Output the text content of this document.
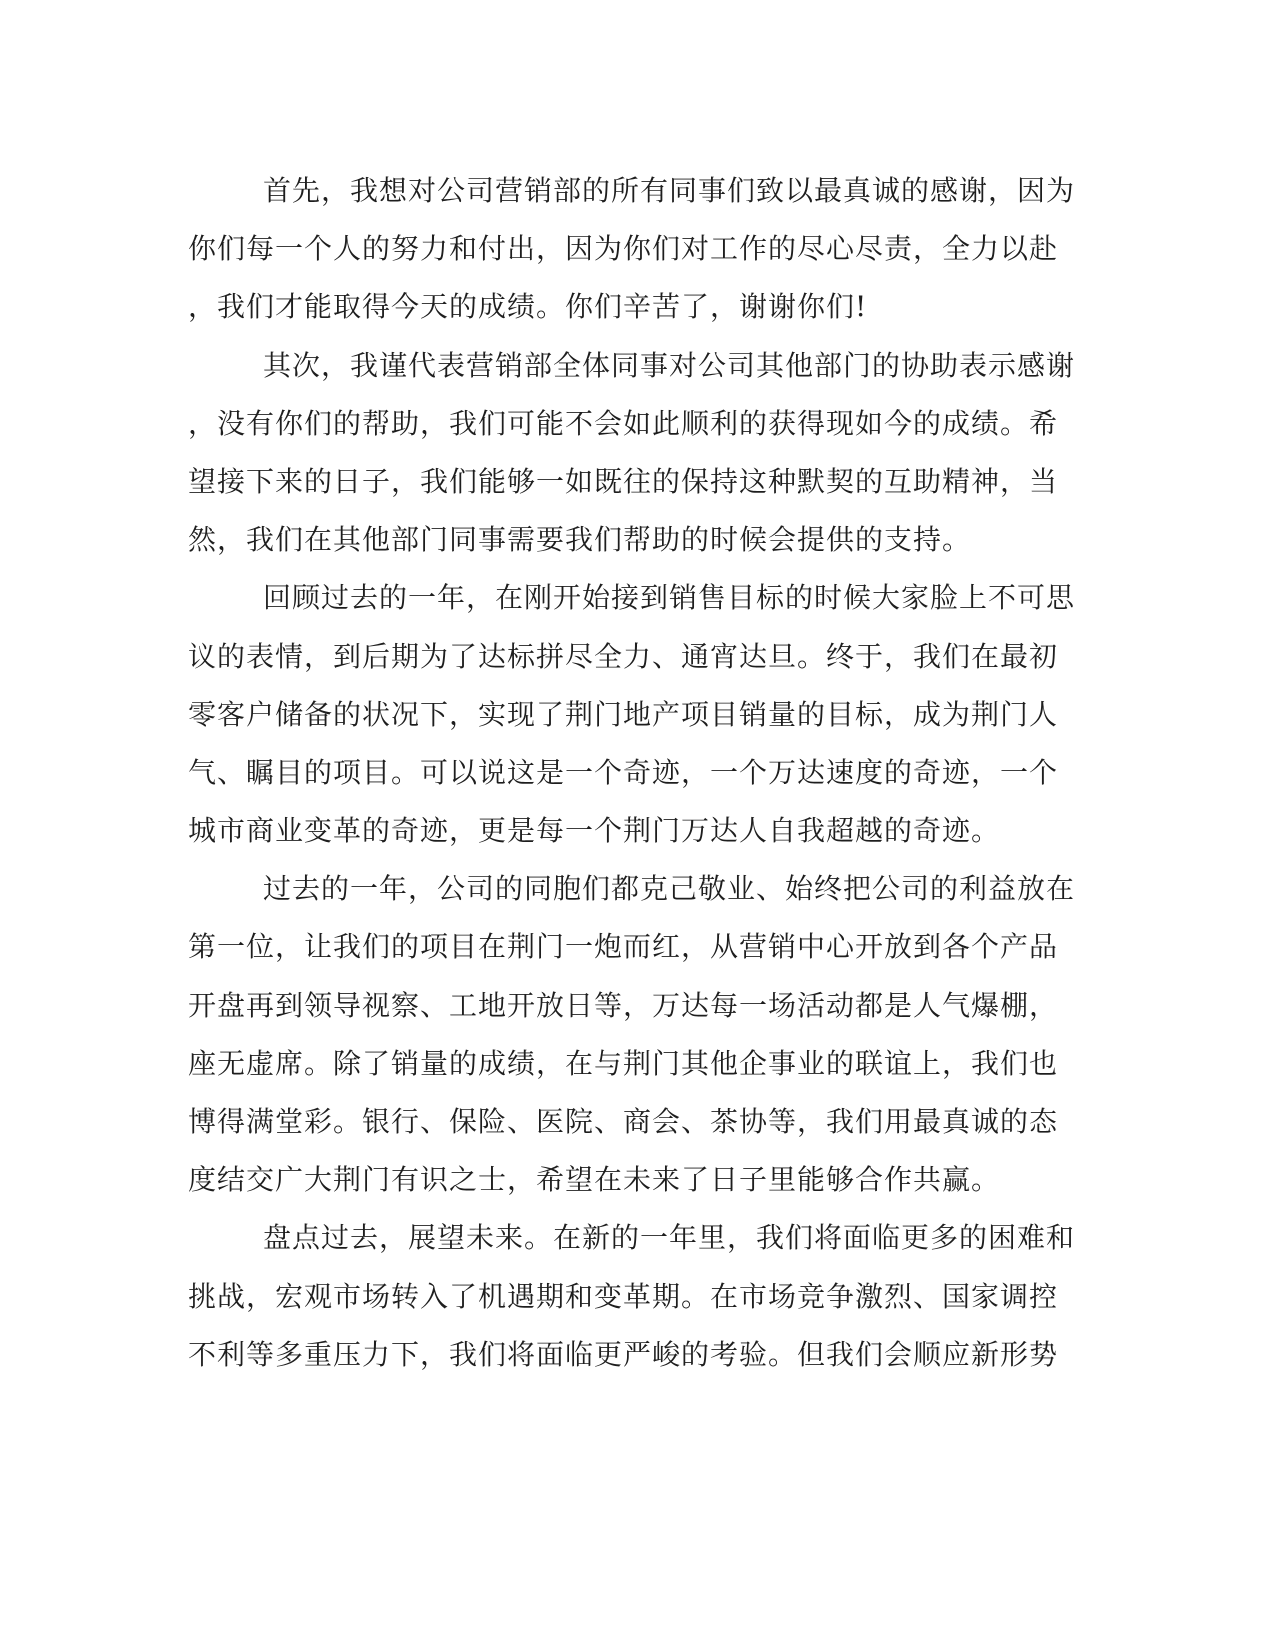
首先，我想对公司营销部的所有同事们致以最真诚的感谢，因为
你们每一个人的努力和付出，因为你们对工作的尽心尽责，全力以赴
，我们才能取得今天的成绩。你们辛苦了，谢谢你们!
其次，我谨代表营销部全体同事对公司其他部门的协助表示感谢
，没有你们的帮助，我们可能不会如此顺利的获得现如今的成绩。希
望接下来的日子，我们能够一如既往的保持这种默契的互助精神，当
然，我们在其他部门同事需要我们帮助的时候会提供的支持。
回顾过去的一年，在刚开始接到销售目标的时候大家脸上不可思
议的表情，到后期为了达标拼尽全力、通宵达旦。终于，我们在最初
零客户储备的状况下，实现了荆门地产项目销量的目标，成为荆门人
气、瞩目的项目。可以说这是一个奇迹，一个万达速度的奇迹，一个
城市商业变革的奇迹，更是每一个荆门万达人自我超越的奇迹。
过去的一年，公司的同胞们都克己敬业、始终把公司的利益放在
第一位，让我们的项目在荆门一炮而红，从营销中心开放到各个产品
开盘再到领导视察、工地开放日等，万达每一场活动都是人气爆棚，
座无虚席。除了销量的成绩，在与荆门其他企事业的联谊上，我们也
博得满堂彩。银行、保险、医院、商会、茶协等，我们用最真诚的态
度结交广大荆门有识之士，希望在未来了日子里能够合作共赢。
盘点过去，展望未来。在新的一年里，我们将面临更多的困难和
挑战，宏观市场转入了机遇期和变革期。在市场竞争激烈、国家调控
不利等多重压力下，我们将面临更严峻的考验。但我们会顺应新形势
